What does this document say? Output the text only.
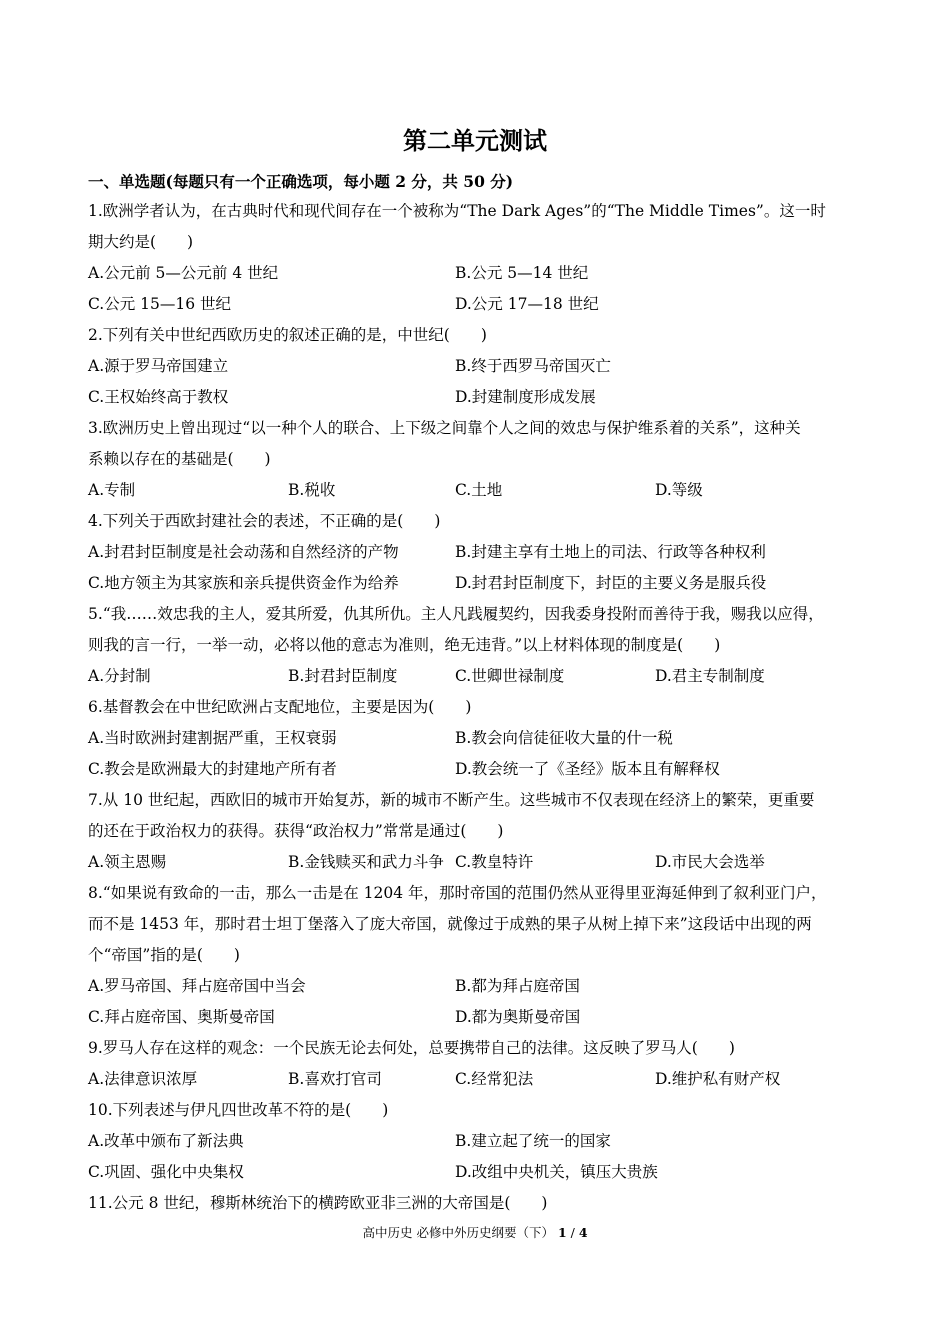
第二单元测试
一、单选题(每题只有一个正确选项，每小题 2 分，共 50 分)
1.欧洲学者认为，在古典时代和现代间存在一个被称为“The Dark Ages”的“The Middle Times”。这一时
期大约是(　　)
A.公元前 5—公元前 4 世纪	B.公元 5—14 世纪
C.公元 15—16 世纪	D.公元 17—18 世纪
2.下列有关中世纪西欧历史的叙述正确的是，中世纪(　　)
A.源于罗马帝国建立	B.终于西罗马帝国灭亡
C.王权始终高于教权	D.封建制度形成发展
3.欧洲历史上曾出现过“以一种个人的联合、上下级之间靠个人之间的效忠与保护维系着的关系”，这种关
系赖以存在的基础是(　　)
A.专制	B.税收	C.土地	D.等级
4.下列关于西欧封建社会的表述，不正确的是(　　)
A.封君封臣制度是社会动荡和自然经济的产物	B.封建主享有土地上的司法、行政等各种权利
C.地方领主为其家族和亲兵提供资金作为给养	D.封君封臣制度下，封臣的主要义务是服兵役
5.“我……效忠我的主人，爱其所爱，仇其所仇。主人凡践履契约，因我委身投附而善待于我，赐我以应得，
则我的言一行，一举一动，必将以他的意志为准则，绝无违背。”以上材料体现的制度是(　　)
A.分封制	B.封君封臣制度	C.世卿世禄制度	D.君主专制制度
6.基督教会在中世纪欧洲占支配地位，主要是因为(　　)
A.当时欧洲封建割据严重，王权衰弱	B.教会向信徒征收大量的什一税
C.教会是欧洲最大的封建地产所有者	D.教会统一了《圣经》版本且有解释权
7.从 10 世纪起，西欧旧的城市开始复苏，新的城市不断产生。这些城市不仅表现在经济上的繁荣，更重要
的还在于政治权力的获得。获得“政治权力”常常是通过(　　)
A.领主恩赐	B.金钱赎买和武力斗争 C.教皇特许	D.市民大会选举
8.“如果说有致命的一击，那么一击是在 1204 年，那时帝国的范围仍然从亚得里亚海延伸到了叙利亚门户，
而不是 1453 年，那时君士坦丁堡落入了庞大帝国，就像过于成熟的果子从树上掉下来”这段话中出现的两
个“帝国”指的是(　　)
A.罗马帝国、拜占庭帝国中当会	B.都为拜占庭帝国
C.拜占庭帝国、奥斯曼帝国	D.都为奥斯曼帝国
9.罗马人存在这样的观念：一个民族无论去何处，总要携带自己的法律。这反映了罗马人(　　)
A.法律意识浓厚	B.喜欢打官司	C.经常犯法	D.维护私有财产权
10.下列表述与伊凡四世改革不符的是(　　)
A.改革中颁布了新法典	B.建立起了统一的国家
C.巩固、强化中央集权	D.改组中央机关，镇压大贵族
11.公元 8 世纪，穆斯林统治下的横跨欧亚非三洲的大帝国是(　　)
高中历史 必修中外历史纲要（下） 1 / 4
